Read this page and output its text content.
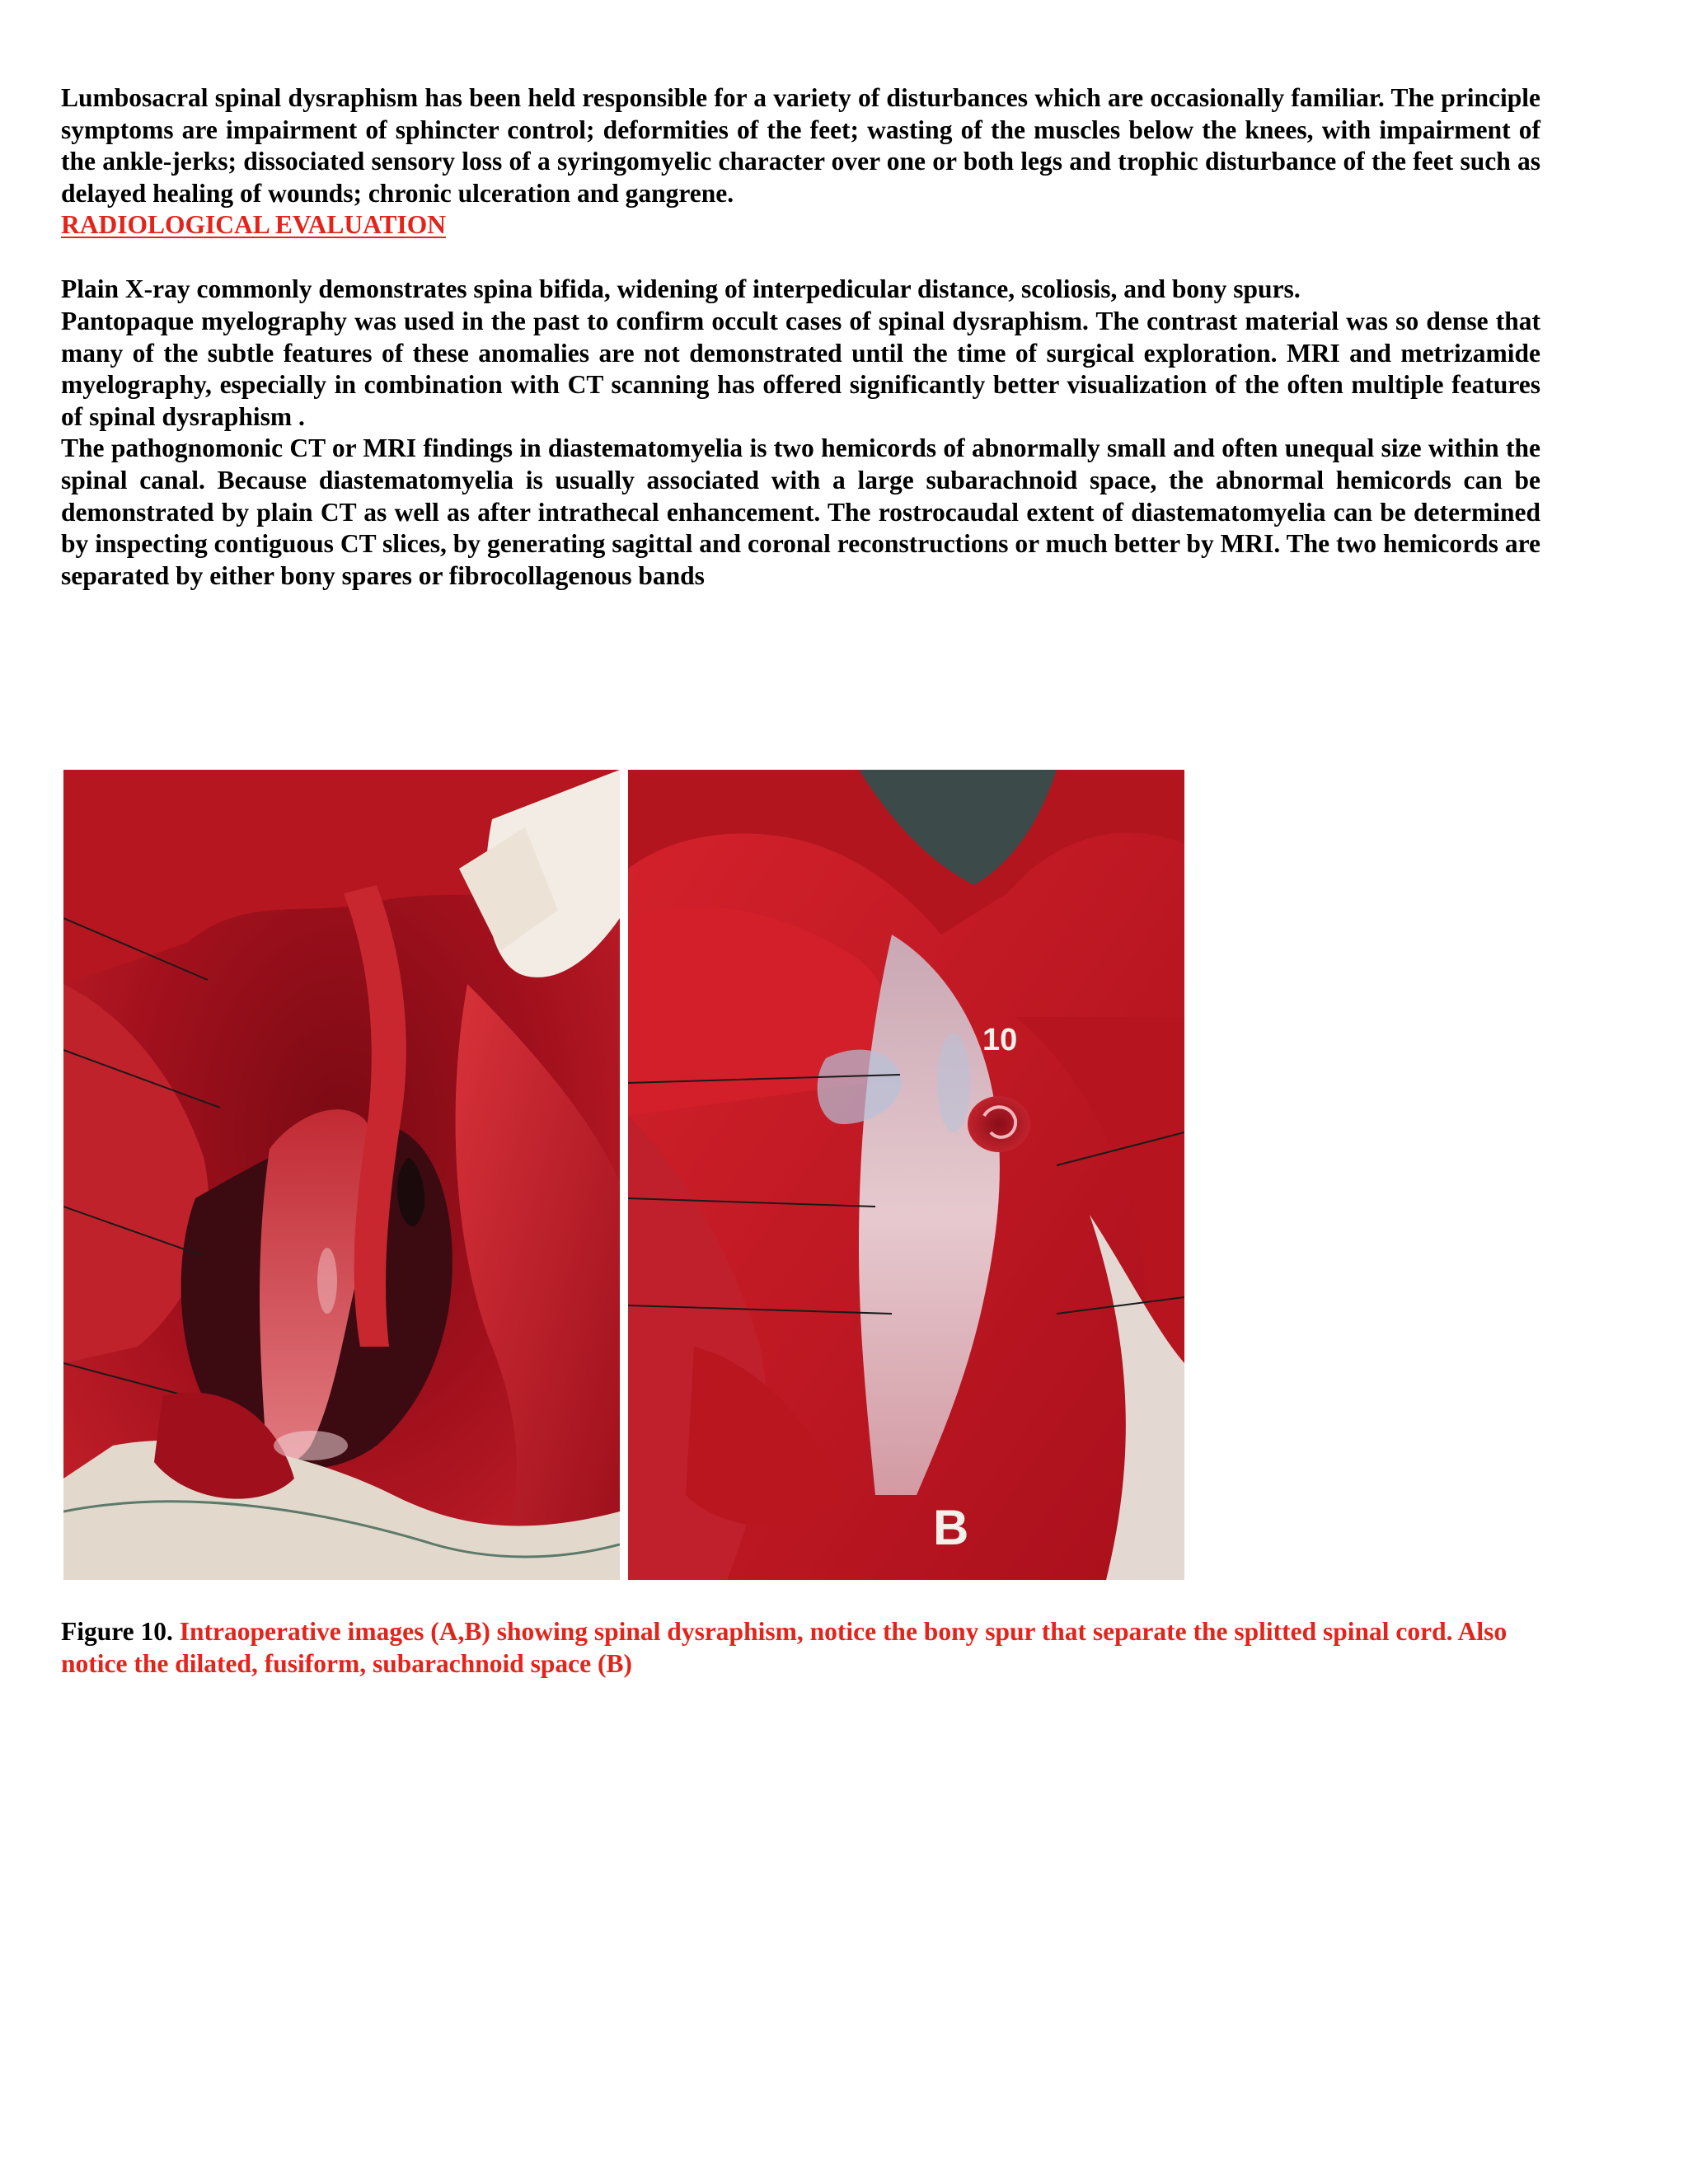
Lumbosacral spinal dysraphism has been held responsible for a variety of disturbances which are occasionally familiar. The principle symptoms are impairment of sphincter control; deformities of the feet; wasting of the muscles below the knees, with impairment of the ankle-jerks; dissociated sensory loss of a syringomyelic character over one or both legs and trophic disturbance of the feet such as delayed healing of wounds; chronic ulceration and gangrene.

RADIOLOGICAL EVALUATION

Plain X-ray commonly demonstrates spina bifida, widening of interpedicular distance, scoliosis, and bony spurs.

Pantopaque myelography was used in the past to confirm occult cases of spinal dysraphism. The contrast material was so dense that many of the subtle features of these anomalies are not demonstrated until the time of surgical exploration. MRI and metrizamide myelography, especially in combination with CT scanning has offered significantly better visualization of the often multiple features of spinal dysraphism .

The pathognomonic CT or MRI findings in diastematomyelia is two hemicords of abnormally small and often unequal size within the spinal canal. Because diastematomyelia is usually associated with a large subarachnoid space, the abnormal hemicords can be demonstrated by plain CT as well as after intrathecal enhancement. The rostrocaudal extent of diastematomyelia can be determined by inspecting contiguous CT slices, by generating sagittal and coronal reconstructions or much better by MRI. The two hemicords are separated by either bony spares or fibrocollagenous bands

10
B

Figure 10. Intraoperative images (A,B) showing spinal dysraphism, notice the bony spur that separate the splitted spinal cord. Also notice the dilated, fusiform, subarachnoid space (B)
